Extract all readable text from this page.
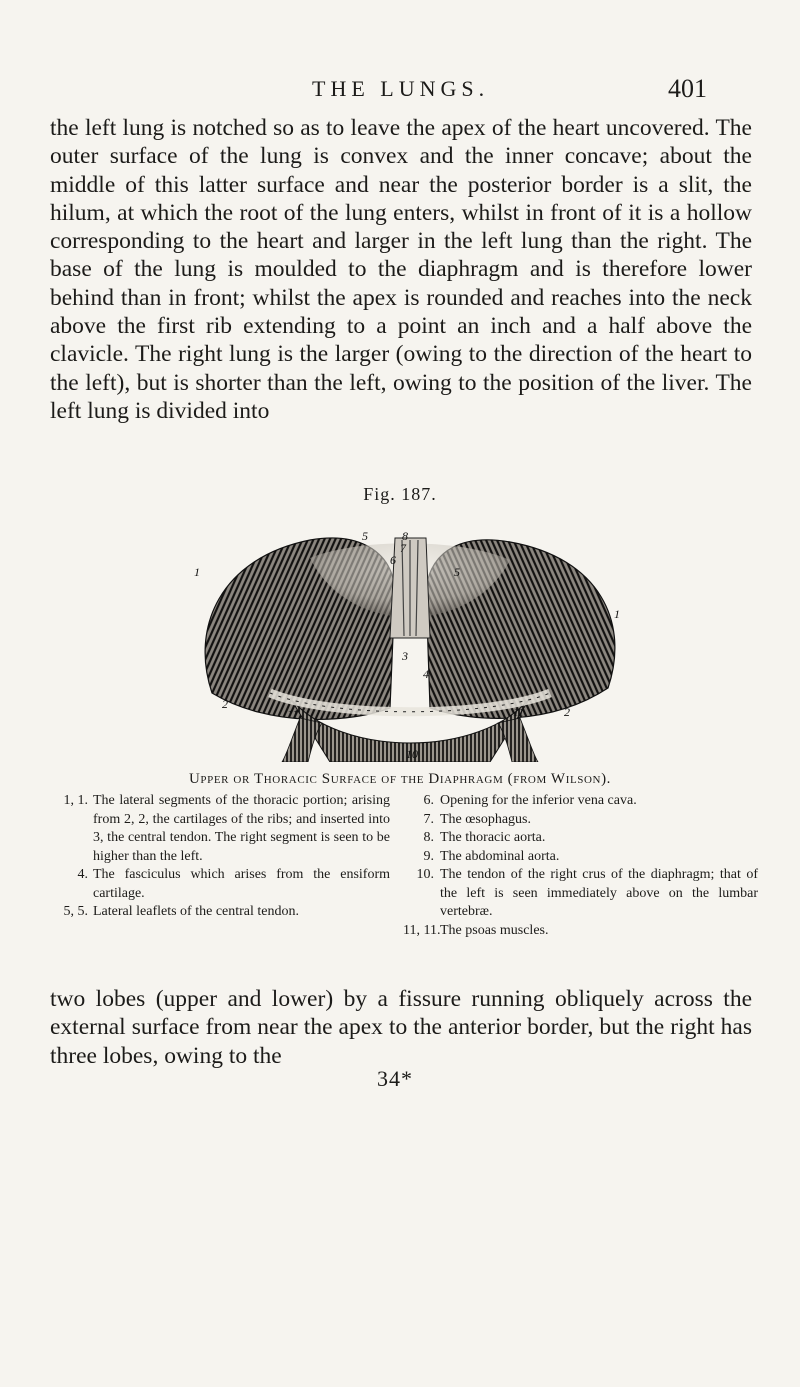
THE LUNGS.	401
the left lung is notched so as to leave the apex of the heart uncovered. The outer surface of the lung is convex and the inner concave; about the middle of this latter surface and near the posterior border is a slit, the hilum, at which the root of the lung enters, whilst in front of it is a hollow corresponding to the heart and larger in the left lung than the right. The base of the lung is moulded to the diaphragm and is therefore lower behind than in front; whilst the apex is rounded and reaches into the neck above the first rib extending to a point an inch and a half above the clavicle. The right lung is the larger (owing to the direction of the heart to the left), but is shorter than the left, owing to the position of the liver. The left lung is divided into
Fig. 187.
1
1
2
2
3
4
5
5
6
7
8
10
11	11
Upper or Thoracic Surface of the Diaphragm (from Wilson).
1, 1. The lateral segments of the thoracic portion; arising from 2, 2, the cartilages of the ribs; and inserted into 3, the central tendon. The right segment is seen to be higher than the left.
4. The fasciculus which arises from the ensiform cartilage.
5, 5. Lateral leaflets of the central tendon.
6. Opening for the inferior vena cava.
7. The œsophagus.
8. The thoracic aorta.
9. The abdominal aorta.
10. The tendon of the right crus of the diaphragm; that of the left is seen immediately above on the lumbar vertebræ.
11, 11. The psoas muscles.
two lobes (upper and lower) by a fissure running obliquely across the external surface from near the apex to the anterior border, but the right has three lobes, owing to the
34*
